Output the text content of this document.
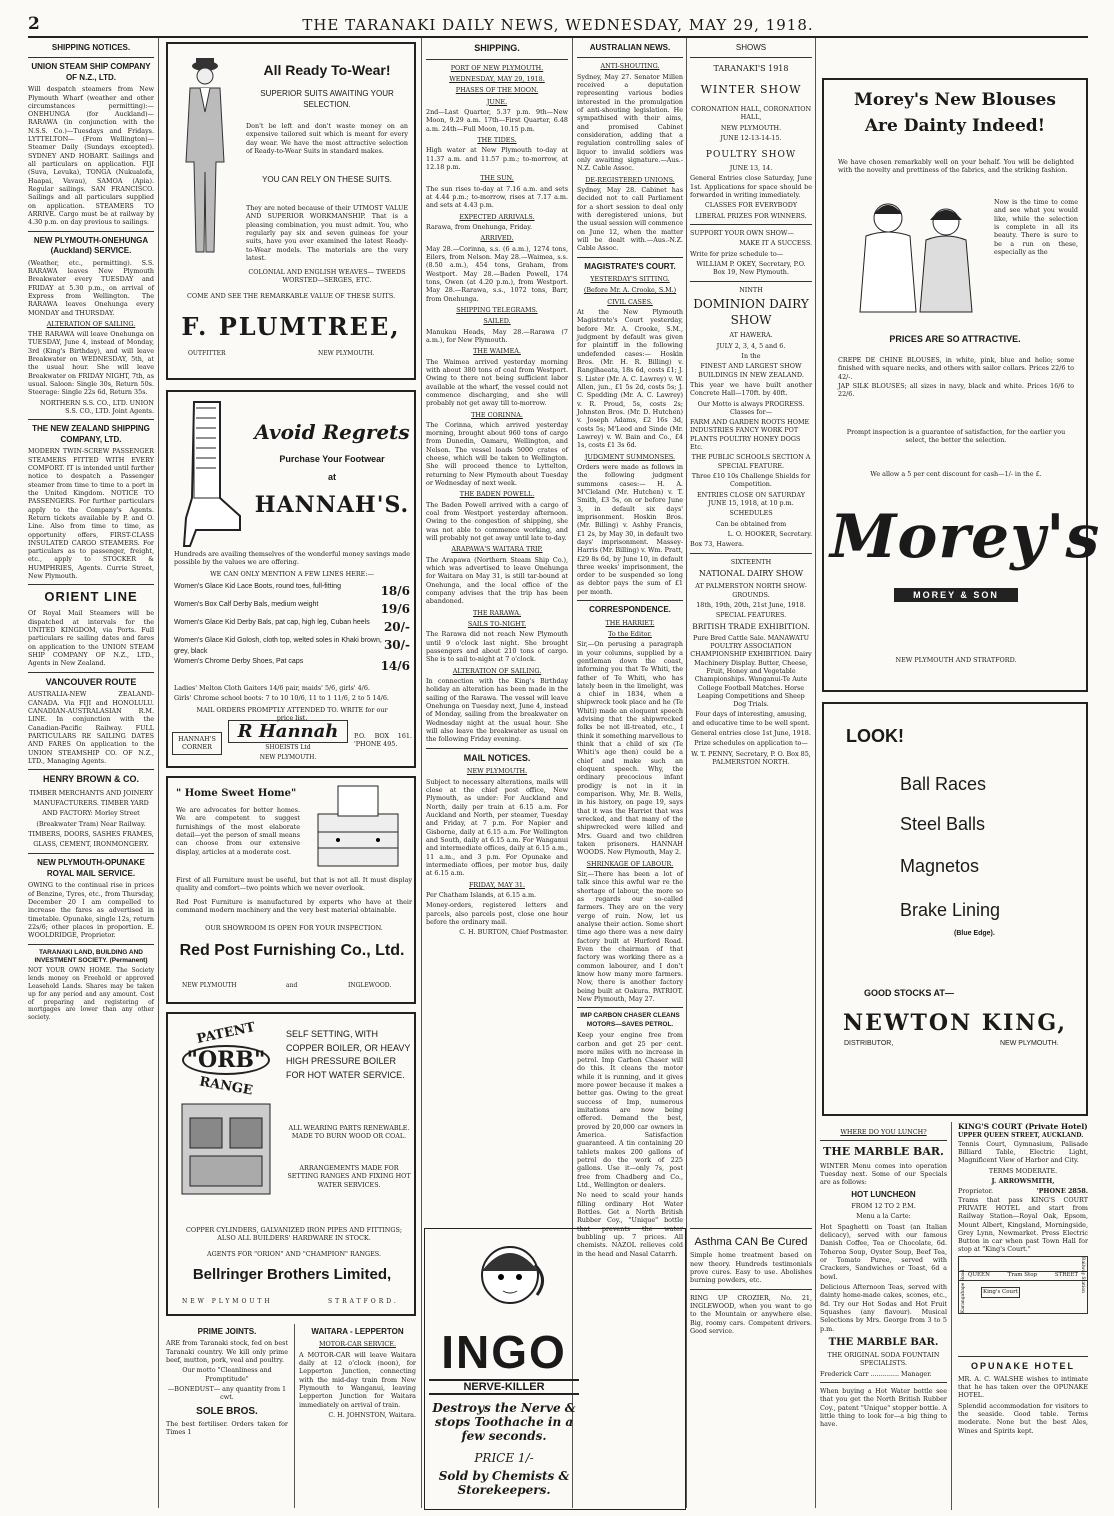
2	THE TARANAKI DAILY NEWS, WEDNESDAY, MAY 29, 1918.
SHIPPING NOTICES.
UNION STEAM SHIP COMPANY OF N.Z., LTD.

Will despatch steamers from New Plymouth Wharf (weather and other circumstances permitting):— ONEHUNGA (for Auckland)— RARAWA (in conjunction with the N.S.S. Co.)—Tuesdays and Fridays. LYTTELTON— (From Wellington)— Steamer Daily (Sundays excepted). SYDNEY AND HOBART. Sailings and all particulars on application. FIJI (Suva, Levuka), TONGA (Nukualofa, Haapai, Vavau), SAMOA (Apia). Regular sailings. SAN FRANCISCO. Sailings and all particulars supplied on application. STEAMERS TO ARRIVE. Cargo must be at railway by 4.30 p.m. on day previous to sailings.

NEW PLYMOUTH-ONEHUNGA (Auckland) SERVICE.

(Weather, etc., permitting). S.S. RARAWA leaves New Plymouth Breakwater every TUESDAY and FRIDAY at 5.30 p.m., on arrival of Express from Wellington. The RARAWA leaves Onehunga every MONDAY and THURSDAY.

ALTERATION OF SAILING.

THE RARAWA will leave Onehunga on TUESDAY, June 4, instead of Monday, 3rd (King's Birthday), and will leave Breakwater on WEDNESDAY, 5th, at the usual hour. She will leave Breakwater on FRIDAY NIGHT, 7th, as usual. Saloon: Single 30s, Return 50s. Steerage: Single 22s 6d, Return 35s.

NORTHERN S.S. CO., LTD. UNION S.S. CO., LTD. Joint Agents.

THE NEW ZEALAND SHIPPING COMPANY, LTD.

MODERN TWIN-SCREW PASSENGER STEAMERS FITTED WITH EVERY COMFORT. IT is intended until further notice to despatch a Passenger steamer from time to time to a port in the United Kingdom. NOTICE TO PASSENGERS. For further particulars apply to the Company's Agents. Return tickets available by P. and O. Line. Also from time to time, as opportunity offers, FIRST-CLASS INSULATED CARGO STEAMERS. For particulars as to passenger, freight, etc., apply to STOCKER & HUMPHRIES, Agents. Currie Street, New Plymouth.

ORIENT LINE

Of Royal Mail Steamers will be dispatched at intervals for the UNITED KINGDOM, via Ports. Full particulars re sailing dates and fares on application to the UNION STEAM SHIP COMPANY OF N.Z., LTD., Agents in New Zealand.

VANCOUVER ROUTE

AUSTRALIA-NEW ZEALAND-CANADA. Via FIJI and HONOLULU. CANADIAN-AUSTRALASIAN R.M. LINE. In conjunction with the Canadian-Pacific Railway. FULL PARTICULARS RE SAILING DATES AND FARES On application to the UNION STEAMSHIP CO. OF N.Z., LTD., Managing Agents.

HENRY BROWN & CO.

TIMBER MERCHANTS AND JOINERY MANUFACTURERS. TIMBER YARD AND FACTORY: Morley Street (Breakwater Tram) Near Railway. TIMBERS, DOORS, SASHES FRAMES, GLASS, CEMENT, IRONMONGERY.

NEW PLYMOUTH-OPUNAKE ROYAL MAIL SERVICE.

OWING to the continual rise in prices of Benzine, Tyres, etc., from Thursday, December 20 I am compelled to increase the fares as advertised in timetable. Opunake, single 12s, return 22s/6; other places in proportion. E. WOOLDRIDGE, Proprietor.

TARANAKI LAND, BUILDING AND INVESTMENT SOCIETY. (Permanent)

NOT YOUR OWN HOME. The Society lends money on Freehold or approved Leasehold Lands. Shares may be taken up for any period and any amount. Cost of preparing and registering of mortgages are lower than any other society.

All Ready To-Wear!
SUPERIOR SUITS AWAITING YOUR SELECTION.
Don't be left and don't waste money on an expensive tailored suit which is meant for every day wear. We have the most attractive selection of Ready-to-Wear Suits in standard makes.
YOU CAN RELY ON THESE SUITS.
They are noted because of their UTMOST VALUE AND SUPERIOR WORKMANSHIP. That is a pleasing combination, you must admit. You, who regularly pay six and seven guineas for your suits, have you ever examined the latest Ready-to-Wear models. The materials are the very latest.
COLONIAL AND ENGLISH WEAVES— TWEEDS WORSTED—SERGES, ETC.
COME AND SEE THE REMARKABLE VALUE OF THESE SUITS.
F. PLUMTREE,
OUTFITTER	NEW PLYMOUTH.
Avoid Regrets
Purchase Your Footwear
at
HANNAH'S.
Hundreds are availing themselves of the wonderful money savings made possible by the values we are offering.
WE CAN ONLY MENTION A FEW LINES HERE:—
Women's Glace Kid Lace Boots, round toes, full-fitting	18/6
Women's Box Calf Derby Bals, medium weight	19/6
Women's Glace Kid Derby Bals, pat cap, high leg, Cuban heels 20/-
Women's Glace Kid Golosh, cloth top, welted soles in Khaki brown, grey, black	30/-
Women's Chrome Derby Shoes, Pat caps	14/6
Ladies' Melton Cloth Gaiters 14/6 pair, maids' 5/6, girls' 4/6.
Girls' Chrome school boots: 7 to 10 10/6, 11 to 1 11/6, 2 to 5 14/6.
MAIL ORDERS PROMPTLY ATTENDED TO. WRITE for our price list.
HANNAH'S CORNER
R Hannah
SHOEISTS Ltd
NEW PLYMOUTH.
P.O. BOX 161. 'PHONE 495.
" Home Sweet Home"
We are advocates for better homes. We are competent to suggest furnishings of the most elaborate detail—yet the person of small means can choose from our extensive display, articles at a moderate cost.
First of all Furniture must be useful, but that is not all. It must display quality and comfort—two points which we never overlook.
Red Post Furniture is manufactured by experts who have at their command modern machinery and the very best material obtainable.
OUR SHOWROOM IS OPEN FOR YOUR INSPECTION.
Red Post Furnishing Co., Ltd.
NEW PLYMOUTH	and	INGLEWOOD.
PATENT
"ORB"
RANGE
SELF SETTING, WITH COPPER BOILER, OR HEAVY HIGH PRESSURE BOILER FOR HOT WATER SERVICE.
ALL WEARING PARTS RENEWABLE. MADE TO BURN WOOD OR COAL.
ARRANGEMENTS MADE FOR SETTING RANGES AND FIXING HOT WATER SERVICES.
COPPER CYLINDERS, GALVANIZED IRON PIPES AND FITTINGS; ALSO ALL BUILDERS' HARDWARE IN STOCK.
AGENTS FOR "ORION" AND "CHAMPION" RANGES.
Bellringer Brothers Limited,
NEW PLYMOUTH	STRATFORD.
PRIME JOINTS.

ARE from Taranaki stock, fed on best Taranaki country. We kill only prime beef, mutton, pork, veal and poultry.

Our motto "Cleanliness and Promptitude"

—BONEDUST— any quantity from 1 cwt.

SOLE BROS.

The best fertiliser. Orders taken for Times 1

WAITARA - LEPPERTON
MOTOR-CAR SERVICE.

A MOTOR-CAR will leave Waitara daily at 12 o'clock (noon), for Lepperton Junction, connecting with the mid-day train from New Plymouth to Wanganui, leaving Lepperton Junction for Waitara immediately on arrival of train.

C. H. JOHNSTON, Waitara.

SHIPPING.
PORT OF NEW PLYMOUTH.
WEDNESDAY, MAY 29, 1918.
PHASES OF THE MOON.
JUNE.

2nd—Last Quarter, 5.37 p.m. 9th—New Moon, 9.29 a.m. 17th—First Quarter, 6.48 a.m. 24th—Full Moon, 10.15 p.m.

THE TIDES.

High water at New Plymouth to-day at 11.37 a.m. and 11.57 p.m.; to-morrow, at 12.18 p.m.

THE SUN.

The sun rises to-day at 7.16 a.m. and sets at 4.44 p.m.; to-morrow, rises at 7.17 a.m. and sets at 4.43 p.m.

EXPECTED ARRIVALS.

Rarawa, from Onehunga, Friday.

ARRIVED.

May 28.—Corinna, s.s. (6 a.m.), 1274 tons, Eilers, from Nelson. May 28.—Waimea, s.s. (8.50 a.m.), 454 tons, Graham, from Westport. May 28.—Baden Powell, 174 tons, Owen (at 4.20 p.m.), from Westport. May 28.—Rarawa, s.s., 1072 tons, Barr, from Onehunga.

SHIPPING TELEGRAMS.
SAILED.

Manukau Heads, May 28.—Rarawa (7 a.m.), for New Plymouth.

THE WAIMEA.

The Waimea arrived yesterday morning with about 380 tons of coal from Westport. Owing to there not being sufficient labor available at the wharf, the vessel could not commence discharging, and she will probably not get away till to-morrow.

THE CORINNA.

The Corinna, which arrived yesterday morning, brought about 960 tons of cargo from Dunedin, Oamaru, Wellington, and Nelson. The vessel loads 5000 crates of cheese, which will be taken to Wellington. She will proceed thence to Lyttelton, returning to New Plymouth about Tuesday or Wednesday of next week.

THE BADEN POWELL.

The Baden Powell arrived with a cargo of coal from Westport yesterday afternoon. Owing to the congestion of shipping, she was not able to commence working, and will probably not get away until late to-day.

ARAPAWA'S WAITARA TRIP.

The Arapawa (Northern Steam Ship Co.), which was advertised to leave Onehunga for Waitara on May 31, is still tar-bound at Onehunga, and the local office of the company advises that the trip has been abandoned.

THE RARAWA.
SAILS TO-NIGHT.

The Rarawa did not reach New Plymouth until 9 o'clock last night. She brought passengers and about 210 tons of cargo. She is to sail to-night at 7 o'clock.

ALTERATION OF SAILING.

In connection with the King's Birthday holiday an alteration has been made in the sailing of the Rarawa. The vessel will leave Onehunga on Tuesday next, June 4, instead of Monday, sailing from the breakwater on Wednesday night at the usual hour. She will also leave the breakwater as usual on the following Friday evening.

MAIL NOTICES.
NEW PLYMOUTH.

Subject to necessary alterations, mails will close at the chief post office, New Plymouth, as under: For Auckland and North, daily per train at 6.15 a.m. For Auckland and North, per steamer, Tuesday and Friday, at 7 p.m. For Napier and Gisborne, daily at 6.15 a.m. For Wellington and South, daily at 6.15 a.m. For Wanganui and intermediate offices, daily at 6.15 a.m., 11 a.m., and 3 p.m. For Opunake and intermediate offices, per motor bus, daily at 6.15 a.m.

FRIDAY, MAY 31.

Per Chatham Islands, at 6.15 a.m.

Money-orders, registered letters and parcels, also parcels post, close one hour before the ordinary mail.

C. H. BURTON, Chief Postmaster.

AUSTRALIAN NEWS.
ANTI-SHOUTING.

Sydney, May 27. Senator Millen received a deputation representing various bodies interested in the promulgation of anti-shouting legislation. He sympathised with their aims, and promised Cabinet consideration, adding that a regulation controlling sales of liquor to invalid soldiers was only awaiting signature.—Aus.-N.Z. Cable Assoc.

DE-REGISTERED UNIONS.

Sydney, May 28. Cabinet has decided not to call Parliament for a short session to deal only with deregistered unions, but the usual session will commence on June 12, when the matter will be dealt with.—Aus.-N.Z. Cable Assoc.

MAGISTRATE'S COURT.
YESTERDAY'S SITTING.
(Before Mr. A. Crooke, S.M.)
CIVIL CASES.

At the New Plymouth Magistrate's Court yesterday, before Mr. A. Crooke, S.M., judgment by default was given for plaintiff in the following undefended cases:— Hoskin Bros. (Mr. H. R. Billing) v. Rangihaeata, 18s 6d, costs £1; J. S. Lister (Mr. A. C. Lawrey) v. W. Allen, jun., £1 5s 2d, costs 5s; J. C. Spedding (Mr. A. C. Lawrey) v. R. Proud, 5s, costs 2s; Johnston Bros. (Mr. D. Hutchen) v. Joseph Adams, £2 16s 3d, costs 5s; M'Leod and Sinde (Mr. Lawrey) v. W. Bain and Co., £4 1s, costs £1 3s 6d.

JUDGMENT SUMMONSES.

Orders were made as follows in the following judgment summons cases:— H. A. M'Cleland (Mr. Hutchen) v. T. Smith, £3 5s, on or before June 3, in default six days' imprisonment. Hoskin Bros. (Mr. Billing) v. Ashby Francis, £1 2s, by May 30, in default two days' imprisonment. Massey-Harris (Mr. Billing) v. Wm. Pratt, £29 8s 6d, by June 10, in default three weeks' imprisonment, the order to be suspended so long as debtor pays the sum of £1 per month.

CORRESPONDENCE.
THE HARRIET.
To the Editor.

Sir,—On perusing a paragraph in your columns, supplied by a gentleman down the coast, informing you that Te Whiti, the father of Te Whiti, who has lately been in the limelight, was a chief in 1834, when a shipwreck took place and he (Te Whiti) made an eloquent speech advising that the shipwrecked folks be not ill-treated, etc., I think it something marvellous to think that a child of six (Te Whiti's age then) could be a chief and make such an eloquent speech. Why, the ordinary precocious infant prodigy is not in it in comparison. Why, Mr. B. Wells, in his history, on page 19, says that it was the Harriet that was wrecked, and that many of the shipwrecked were killed and Mrs. Guard and two children taken prisoners. HANNAH WOODS. New Plymouth, May 2.

SHRINKAGE OF LABOUR.

Sir,—There has been a lot of talk since this awful war re the shortage of labour, the more so as regards our so-called farmers. They are on the very verge of ruin. Now, let us analyse their action. Some short time ago there was a new dairy factory built at Hurford Road. Even the chairman of that factory was working there as a common labourer, and I don't know how many more farmers. Now, there is another factory being built at Oakura. PATRIOT. New Plymouth, May 27.

IMP CARBON CHASER CLEANS MOTORS—SAVES PETROL.

Keep your engine free from carbon and get 25 per cent. more miles with no increase in petrol. Imp Carbon Chaser will do this. It cleans the motor while it is running, and it gives more power because it makes a better gas. Owing to the great success of Imp, numerous imitations are now being offered. Demand the best, proved by 20,000 car owners in America. Satisfaction guaranteed. A tin containing 20 tablets makes 200 gallons of petrol do the work of 225 gallons. Use it—only 7s, post free from Chadberg and Co., Ltd., Wellington or dealers.

No need to scald your hands filling ordinary Hot Water Bottles. Get a North British Rubber Coy., "Unique" bottle that prevents the water bubbling up. 7 prices. All chemists. NAZOL relieves cold in the head and Nasal Catarrh.

INGO
NERVE-KILLER
Destroys the Nerve & stops Toothache in a few seconds.
PRICE 1/-
Sold by Chemists & Storekeepers.
SHOWS

TARANAKI'S 1918

WINTER SHOW

CORONATION HALL, CORONATION HALL,

NEW PLYMOUTH.

JUNE 12-13-14-15.

POULTRY SHOW

JUNE 13, 14.

General Entries close Saturday, June 1st. Applications for space should be forwarded in writing immediately.

CLASSES FOR EVERYBODY

LIBERAL PRIZES FOR WINNERS.

SUPPORT YOUR OWN SHOW—

MAKE IT A SUCCESS.

Write for prize schedule to—

WILLIAM P. OKEY, Secretary, P.O. Box 19, New Plymouth.

NINTH

DOMINION DAIRY SHOW

AT HAWERA.

JULY 2, 3, 4, 5 and 6.

In the

FINEST AND LARGEST SHOW BUILDINGS IN NEW ZEALAND.

This year we have built another Concrete Hall—170ft. by 40ft.

Our Motto is always PROGRESS. Classes for—

FARM AND GARDEN ROOTS HOME INDUSTRIES FANCY WORK POT PLANTS POULTRY HONEY DOGS Etc.

THE PUBLIC SCHOOLS SECTION A SPECIAL FEATURE.

Three £10 10s Challenge Shields for Competition.

ENTRIES CLOSE ON SATURDAY JUNE 15, 1918, at 10 p.m.

SCHEDULES

Can be obtained from

L. O. HOOKER, Secretary.

Box 73, Hawera.

SIXTEENTH

NATIONAL DAIRY SHOW

AT PALMERSTON NORTH SHOW-GROUNDS.

18th, 19th, 20th, 21st June, 1918.

SPECIAL FEATURES.

BRITISH TRADE EXHIBITION.

Pure Bred Cattle Sale. MANAWATU POULTRY ASSOCIATION CHAMPIONSHIP EXHIBITION. Dairy Machinery Display. Butter, Cheese, Fruit, Honey and Vegetable Championships. Wanganui-Te Aute College Football Matches. Horse Leaping Competitions and Sheep Dog Trials.

Four days of interesting, amusing, and educative time to be well spent.

General entries close 1st June, 1918.

Prize schedules on application to—

W. T. PENNY, Secretary, P. O. Box 85, PALMERSTON NORTH.

Asthma CAN Be Cured

Simple home treatment based on new theory. Hundreds testimonials prove cures. Easy to use. Abolishes burning powders, etc.

RING UP CROZIER, No. 21, INGLEWOOD, when you want to go to the Mountain or anywhere else. Big, roomy cars. Competent drivers. Good service.

Morey's New Blouses
Are Dainty Indeed!
We have chosen remarkably well on your behalf. You will be delighted with the novelty and prettiness of the fabrics, and the striking fashion.
Now is the time to come and see what you would like, while the selection is complete in all its beauty. There is sure to be a run on these, especially as the
PRICES ARE SO ATTRACTIVE.
CREPE DE CHINE BLOUSES, in white, pink, blue and helio; some finished with square necks, and others with sailor collars. Prices 22/6 to 42/-.
JAP SILK BLOUSES; all sizes in navy, black and white. Prices 16/6 to 22/6.
Prompt inspection is a guarantee of satisfaction, for the earlier you select, the better the selection.
We allow a 5 per cent discount for cash—1/- in the £.
Morey's
MOREY & SON
NEW PLYMOUTH AND STRATFORD.
LOOK!
Ball Races
Steel Balls
Magnetos
Brake Lining
(Blue Edge).
GOOD STOCKS AT—
NEWTON KING,
DISTRIBUTOR,	NEW PLYMOUTH.
WHERE DO YOU LUNCH?
THE MARBLE BAR.

WINTER Menu comes into operation Tuesday next. Some of our Specials are as follows:

HOT LUNCHEON

FROM 12 TO 2 P.M.

Menu a la Carte:

Hot Spaghetti on Toast (an Italian delicacy), served with our famous Danish Coffee, Tea or Chocolate, 6d. Toheroa Soup, Oyster Soup, Beef Tea, or Tomato Puree, served with Crackers, Sandwiches or Toast, 6d a bowl.

Delicious Afternoon Teas, served with dainty home-made cakes, scones, etc., 8d. Try our Hot Sodas and Hot Fruit Squashes (any flavour). Musical Selections by Mrs. George from 3 to 5 p.m.

THE MARBLE BAR.

THE ORIGINAL SODA FOUNTAIN SPECIALISTS.

Frederick Carr .............. Manager.

When buying a Hot Water bottle see that you get the North British Rubber Coy., patent "Unique" stopper bottle. A little thing to look for—a big thing to have.

KING'S COURT (Private Hotel)
UPPER QUEEN STREET, AUCKLAND.

Tennis Court, Gymnasium, Palisade Billiard Table, Electric Light, Magnificent View of Harbor and City.

TERMS MODERATE.

J. ARROWSMITH,

Proprietor.	'PHONE 2858.

Trams that pass KING'S COURT PRIVATE HOTEL and start from Railway Station—Royal Oak, Epsom, Mount Albert, Kingsland, Morningside, Grey Lynn, Newmarket. Press Electric Button in car when past Town Hall for stop at "King's Court."

QUEEN	Tram Stop	STREET
King's Court
Karangahape Road	Railway Station
OPUNAKE HOTEL

MR. A. C. WALSHE wishes to intimate that he has taken over the OPUNAKE HOTEL.

Splendid accommodation for visitors to the seaside. Good table. Terms moderate. None but the best Ales, Wines and Spirits kept.
